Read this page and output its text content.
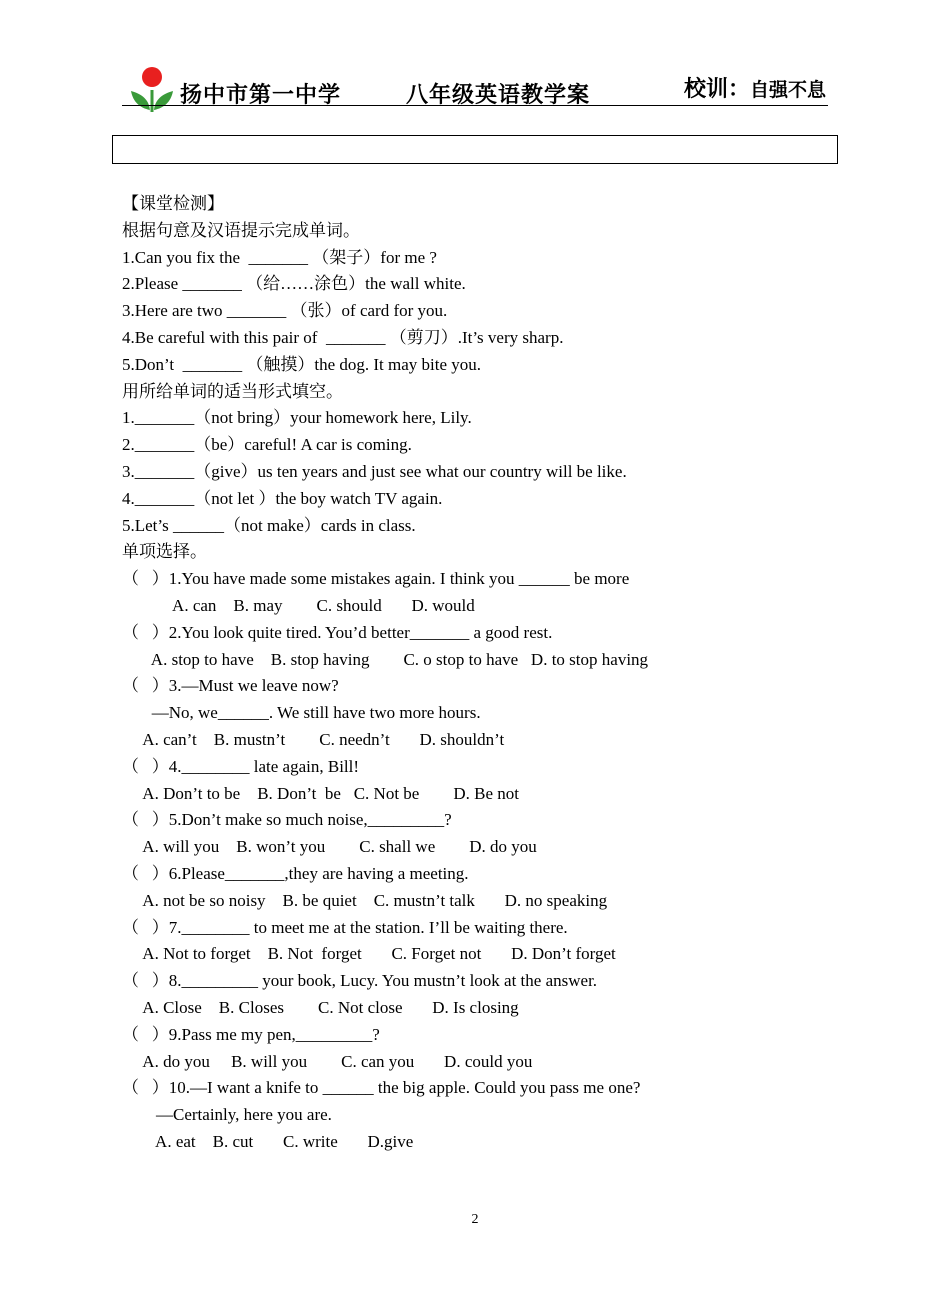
扬中市第一中学	八年级英语教学案	校训：自强不息
【课堂检测】
根据句意及汉语提示完成单词。
1.Can you fix the  _______ （架子）for me ?
2.Please _______ （给……涂色）the wall white.
3.Here are two _______ （张）of card for you.
4.Be careful with this pair of  _______ （剪刀）.It’s very sharp.
5.Don’t  _______ （触摸）the dog. It may bite you.
用所给单词的适当形式填空。
1._______（not bring）your homework here, Lily.
2._______（be）careful! A car is coming.
3._______（give）us ten years and just see what our country will be like.
4._______（not let ）the boy watch TV again.
5.Let’s ______（not make）cards in class.
单项选择。
（   ）1.You have made some mistakes again. I think you ______ be more
A. can    B. may        C. should       D. would
（   ）2.You look quite tired. You’d better_______ a good rest.
A. stop to have    B. stop having        C. o stop to have   D. to stop having
（   ）3.—Must we leave now?
—No, we______. We still have two more hours.
A. can’t    B. mustn’t        C. needn’t       D. shouldn’t
（   ）4.________ late again, Bill!
A. Don’t to be    B. Don’t  be   C. Not be        D. Be not
（   ）5.Don’t make so much noise,_________?
A. will you    B. won’t you        C. shall we        D. do you
（   ）6.Please_______,they are having a meeting.
A. not be so noisy    B. be quiet    C. mustn’t talk       D. no speaking
（   ）7.________ to meet me at the station. I’ll be waiting there.
A. Not to forget    B. Not  forget       C. Forget not       D. Don’t forget
（   ）8._________ your book, Lucy. You mustn’t look at the answer.
A. Close    B. Closes        C. Not close       D. Is closing
（   ）9.Pass me my pen,_________?
A. do you     B. will you        C. can you       D. could you
（   ）10.—I want a knife to ______ the big apple. Could you pass me one?
—Certainly, here you are.
A. eat    B. cut       C. write       D.give
2
